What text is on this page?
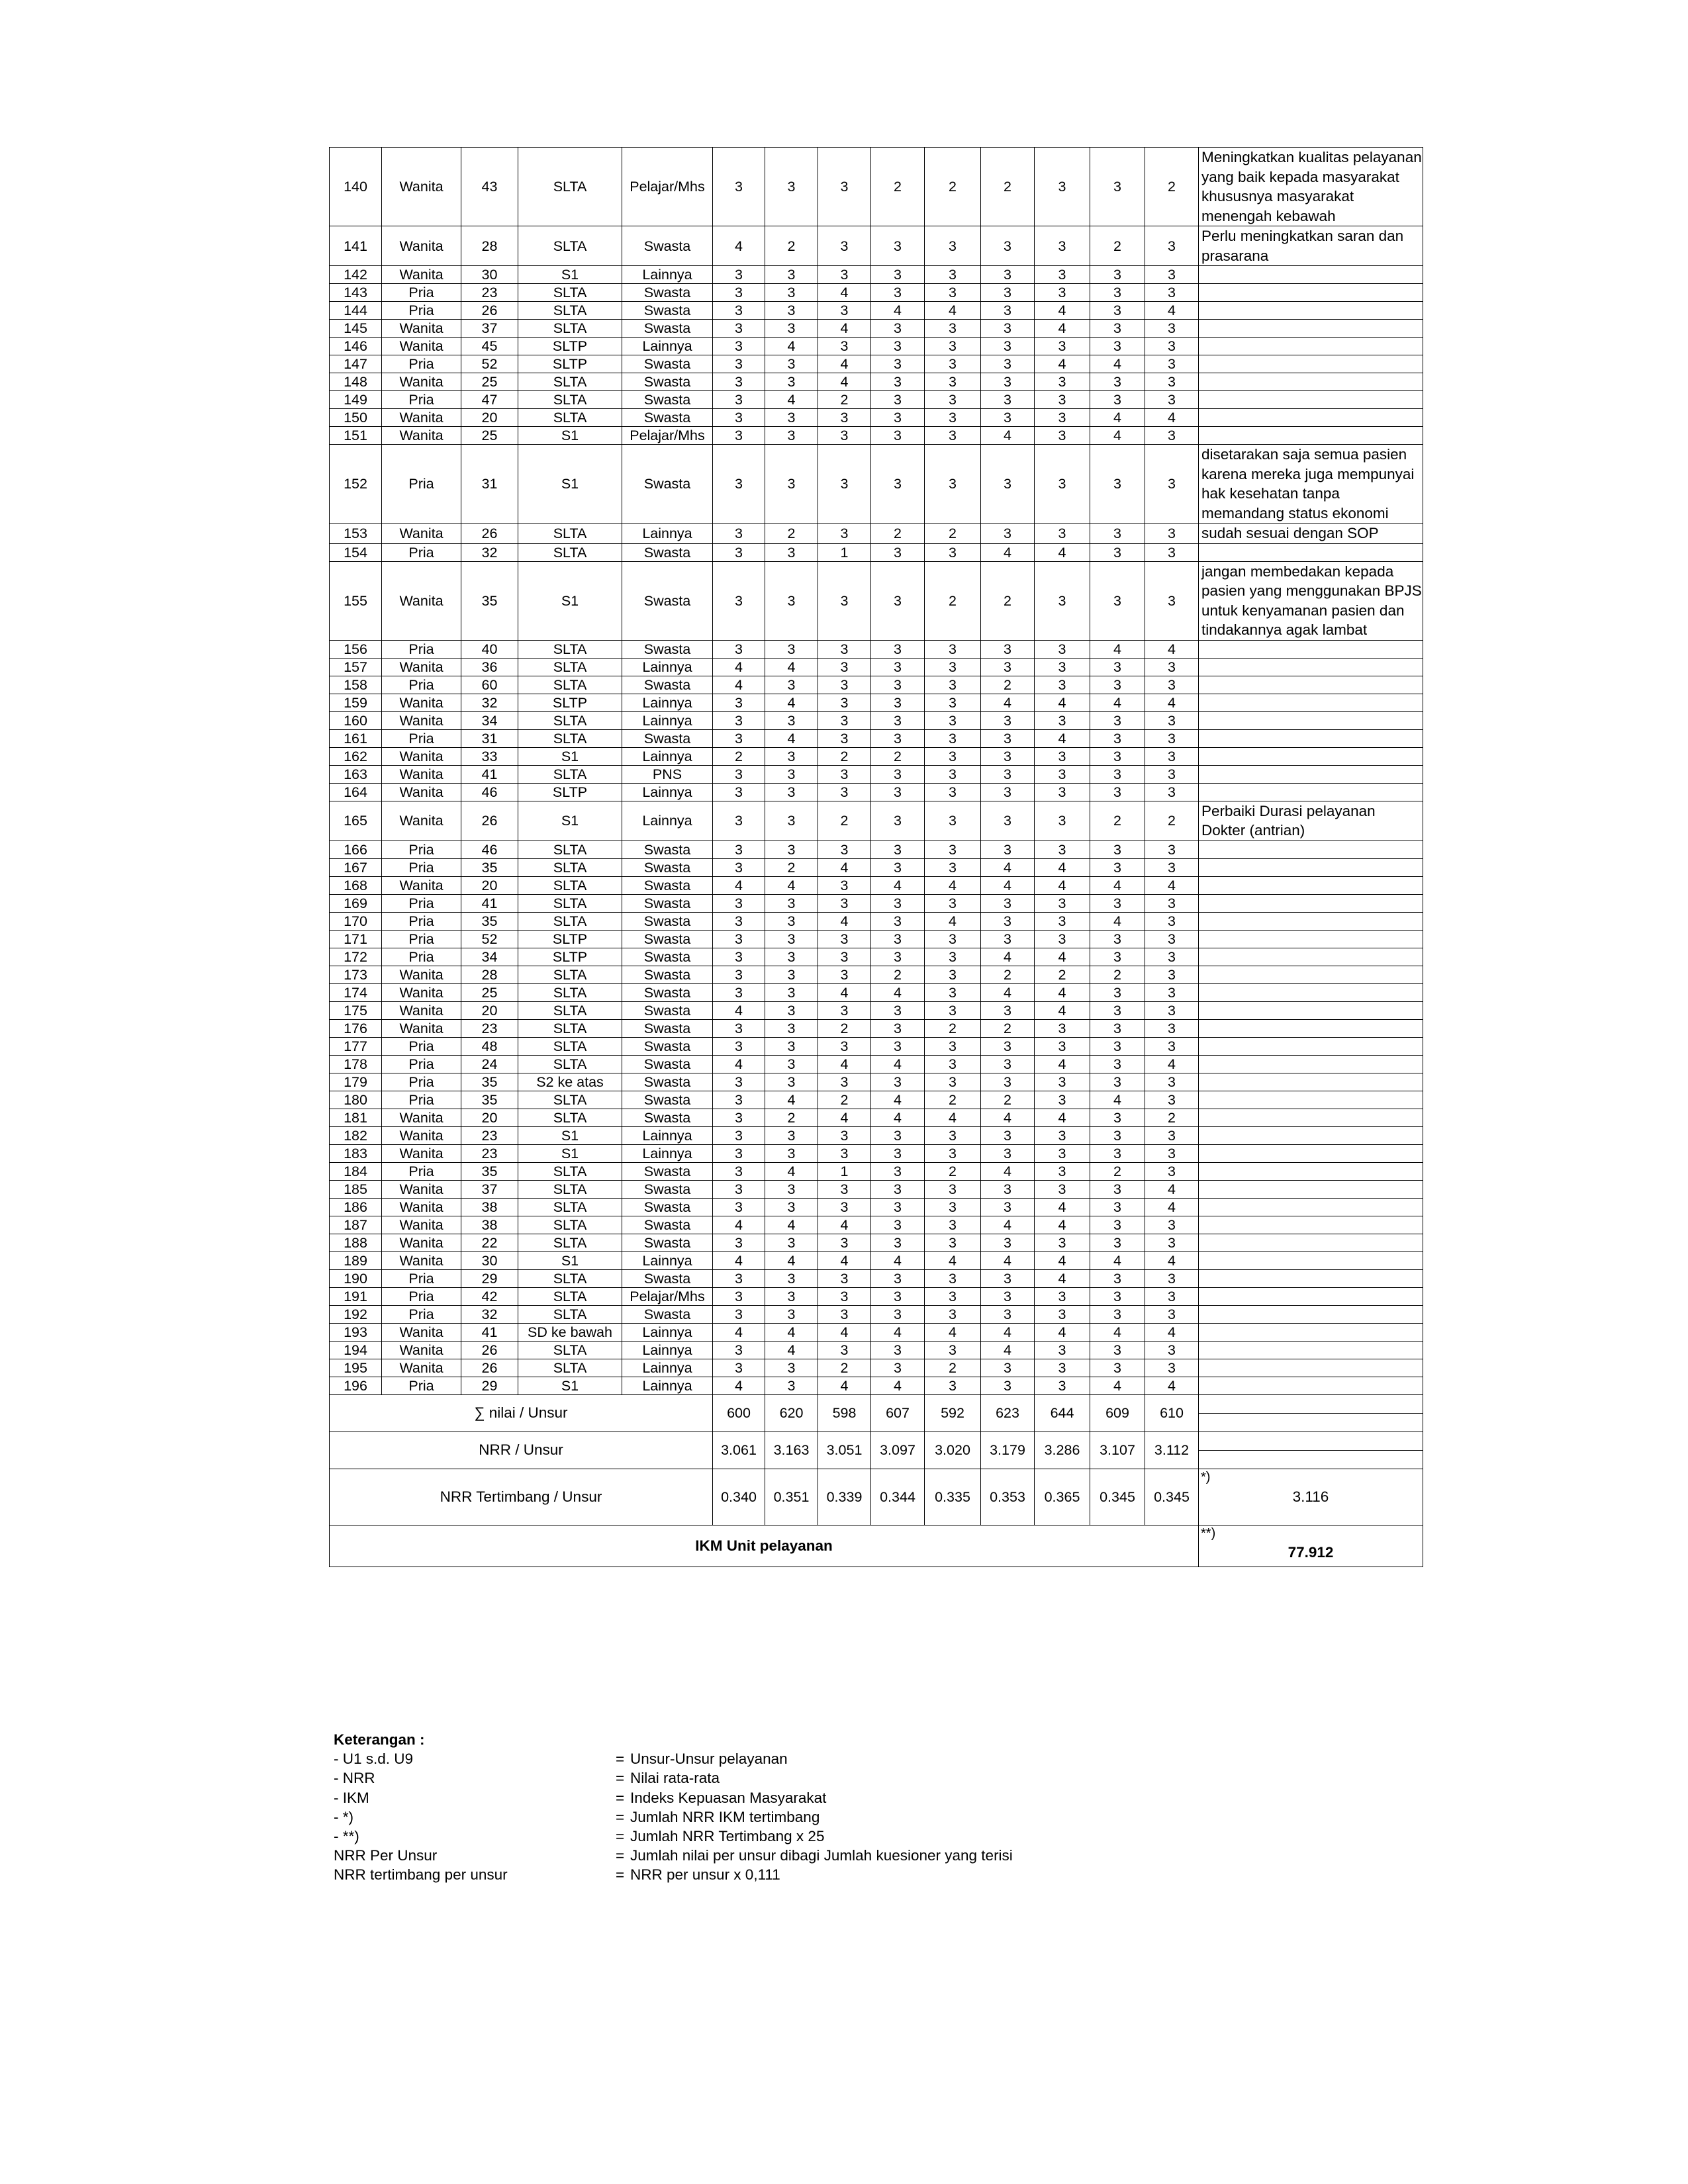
140	Wanita	43	SLTA	Pelajar/Mhs	3	3	3	2	2	2	3	3	2	Meningkatkan kualitas pelayanan yang baik kepada masyarakat khususnya masyarakat menengah kebawah
141	Wanita	28	SLTA	Swasta	4	2	3	3	3	3	3	2	3	Perlu meningkatkan saran dan prasarana
142	Wanita	30	S1	Lainnya	3	3	3	3	3	3	3	3	3	
143	Pria	23	SLTA	Swasta	3	3	4	3	3	3	3	3	3	
144	Pria	26	SLTA	Swasta	3	3	3	4	4	3	4	3	4	
145	Wanita	37	SLTA	Swasta	3	3	4	3	3	3	4	3	3	
146	Wanita	45	SLTP	Lainnya	3	4	3	3	3	3	3	3	3	
147	Pria	52	SLTP	Swasta	3	3	4	3	3	3	4	4	3	
148	Wanita	25	SLTA	Swasta	3	3	4	3	3	3	3	3	3	
149	Pria	47	SLTA	Swasta	3	4	2	3	3	3	3	3	3	
150	Wanita	20	SLTA	Swasta	3	3	3	3	3	3	3	4	4	
151	Wanita	25	S1	Pelajar/Mhs	3	3	3	3	3	4	3	4	3	
152	Pria	31	S1	Swasta	3	3	3	3	3	3	3	3	3	disetarakan saja semua pasien karena mereka juga mempunyai hak kesehatan tanpa memandang status ekonomi
153	Wanita	26	SLTA	Lainnya	3	2	3	2	2	3	3	3	3	sudah sesuai dengan SOP
154	Pria	32	SLTA	Swasta	3	3	1	3	3	4	4	3	3	
155	Wanita	35	S1	Swasta	3	3	3	3	2	2	3	3	3	jangan membedakan kepada pasien yang menggunakan BPJS untuk kenyamanan pasien dan tindakannya agak lambat
156	Pria	40	SLTA	Swasta	3	3	3	3	3	3	3	4	4	
157	Wanita	36	SLTA	Lainnya	4	4	3	3	3	3	3	3	3	
158	Pria	60	SLTA	Swasta	4	3	3	3	3	2	3	3	3	
159	Wanita	32	SLTP	Lainnya	3	4	3	3	3	4	4	4	4	
160	Wanita	34	SLTA	Lainnya	3	3	3	3	3	3	3	3	3	
161	Pria	31	SLTA	Swasta	3	4	3	3	3	3	4	3	3	
162	Wanita	33	S1	Lainnya	2	3	2	2	3	3	3	3	3	
163	Wanita	41	SLTA	PNS	3	3	3	3	3	3	3	3	3	
164	Wanita	46	SLTP	Lainnya	3	3	3	3	3	3	3	3	3	
165	Wanita	26	S1	Lainnya	3	3	2	3	3	3	3	2	2	Perbaiki Durasi pelayanan Dokter (antrian)
166	Pria	46	SLTA	Swasta	3	3	3	3	3	3	3	3	3	
167	Pria	35	SLTA	Swasta	3	2	4	3	3	4	4	3	3	
168	Wanita	20	SLTA	Swasta	4	4	3	4	4	4	4	4	4	
169	Pria	41	SLTA	Swasta	3	3	3	3	3	3	3	3	3	
170	Pria	35	SLTA	Swasta	3	3	4	3	4	3	3	4	3	
171	Pria	52	SLTP	Swasta	3	3	3	3	3	3	3	3	3	
172	Pria	34	SLTP	Swasta	3	3	3	3	3	4	4	3	3	
173	Wanita	28	SLTA	Swasta	3	3	3	2	3	2	2	2	3	
174	Wanita	25	SLTA	Swasta	3	3	4	4	3	4	4	3	3	
175	Wanita	20	SLTA	Swasta	4	3	3	3	3	3	4	3	3	
176	Wanita	23	SLTA	Swasta	3	3	2	3	2	2	3	3	3	
177	Pria	48	SLTA	Swasta	3	3	3	3	3	3	3	3	3	
178	Pria	24	SLTA	Swasta	4	3	4	4	3	3	4	3	4	
179	Pria	35	S2 ke atas	Swasta	3	3	3	3	3	3	3	3	3	
180	Pria	35	SLTA	Swasta	3	4	2	4	2	2	3	4	3	
181	Wanita	20	SLTA	Swasta	3	2	4	4	4	4	4	3	2	
182	Wanita	23	S1	Lainnya	3	3	3	3	3	3	3	3	3	
183	Wanita	23	S1	Lainnya	3	3	3	3	3	3	3	3	3	
184	Pria	35	SLTA	Swasta	3	4	1	3	2	4	3	2	3	
185	Wanita	37	SLTA	Swasta	3	3	3	3	3	3	3	3	4	
186	Wanita	38	SLTA	Swasta	3	3	3	3	3	3	4	3	4	
187	Wanita	38	SLTA	Swasta	4	4	4	3	3	4	4	3	3	
188	Wanita	22	SLTA	Swasta	3	3	3	3	3	3	3	3	3	
189	Wanita	30	S1	Lainnya	4	4	4	4	4	4	4	4	4	
190	Pria	29	SLTA	Swasta	3	3	3	3	3	3	4	3	3	
191	Pria	42	SLTA	Pelajar/Mhs	3	3	3	3	3	3	3	3	3	
192	Pria	32	SLTA	Swasta	3	3	3	3	3	3	3	3	3	
193	Wanita	41	SD ke bawah	Lainnya	4	4	4	4	4	4	4	4	4	
194	Wanita	26	SLTA	Lainnya	3	4	3	3	3	4	3	3	3	
195	Wanita	26	SLTA	Lainnya	3	3	2	3	2	3	3	3	3	
196	Pria	29	S1	Lainnya	4	3	4	4	3	3	3	4	4	
∑ nilai / Unsur					600	620	598	607	592	623	644	609	610	

NRR / Unsur					3.061	3.163	3.051	3.097	3.020	3.179	3.286	3.107	3.112	

NRR Tertimbang / Unsur					0.340	0.351	0.339	0.344	0.335	0.353	0.365	0.345	0.345	*)
3.116
IKM Unit pelayanan														**)
77.912
Keterangan :
- U1 s.d. U9	= Unsur-Unsur pelayanan
- NRR	= Nilai rata-rata
- IKM	= Indeks Kepuasan Masyarakat
- *)	= Jumlah NRR IKM tertimbang
- **)	= Jumlah NRR Tertimbang x 25
NRR Per Unsur	= Jumlah nilai per unsur dibagi Jumlah kuesioner yang terisi
NRR tertimbang per unsur	= NRR per unsur x 0,111
